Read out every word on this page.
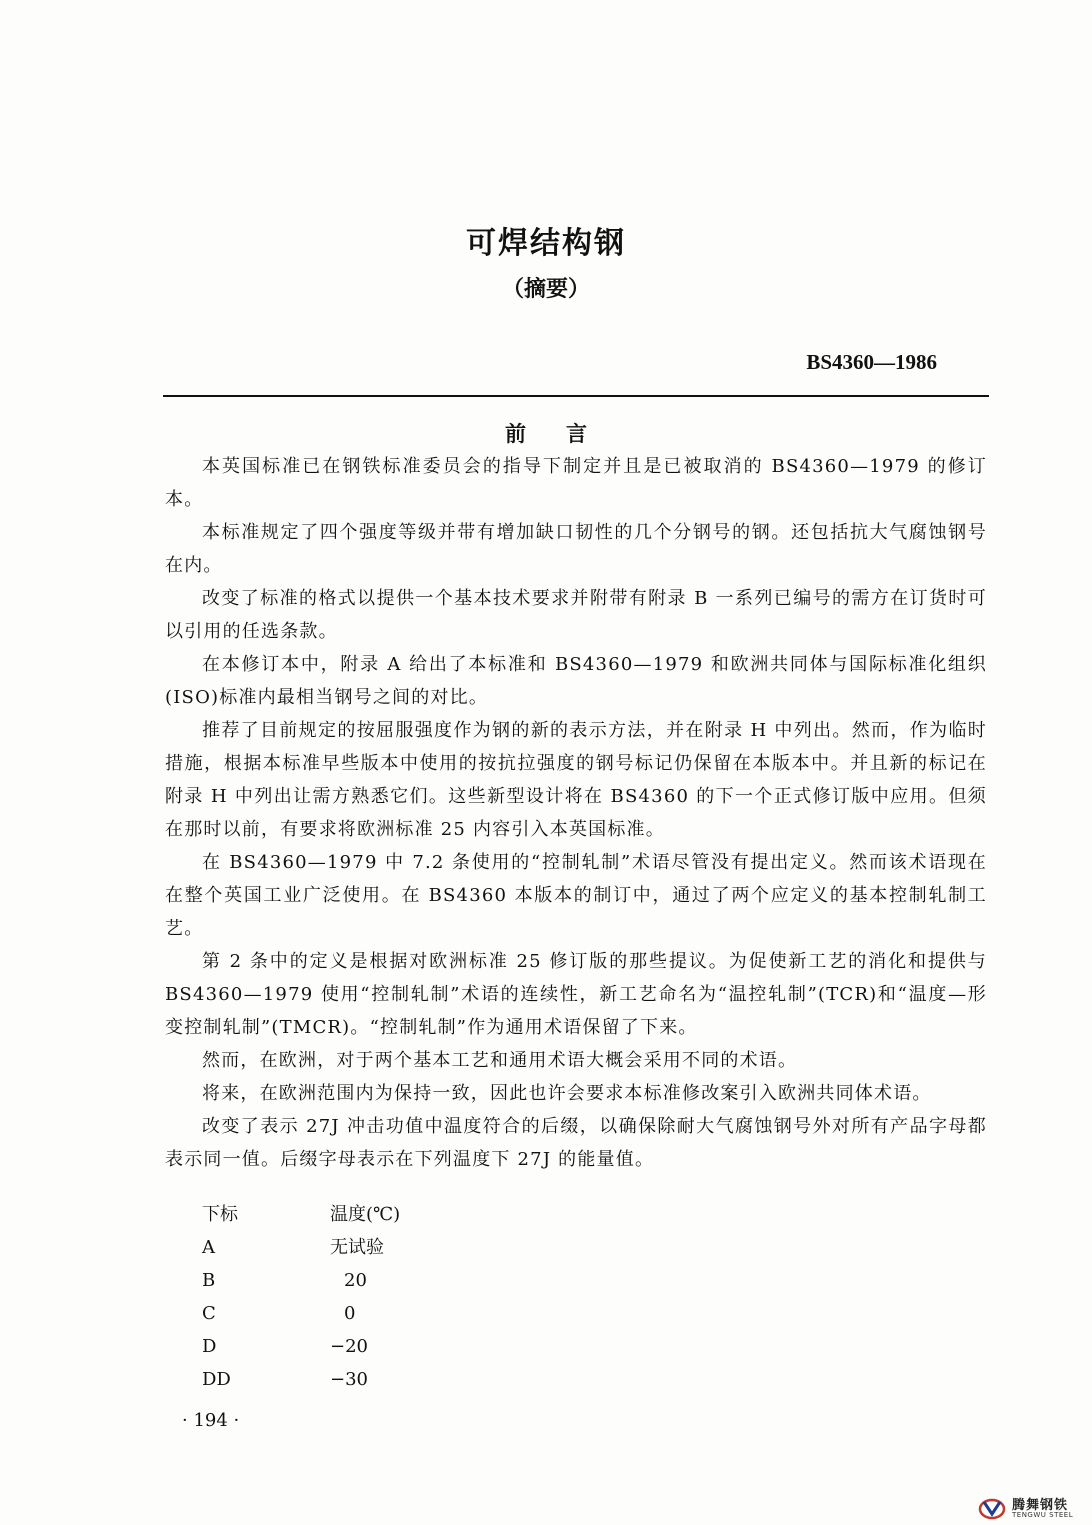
可焊结构钢
（摘要）
BS4360—1986
前言

本英国标准已在钢铁标准委员会的指导下制定并且是已被取消的 BS4360—1979 的修订本。

本标准规定了四个强度等级并带有增加缺口韧性的几个分钢号的钢。还包括抗大气腐蚀钢号在内。

改变了标准的格式以提供一个基本技术要求并附带有附录 B 一系列已编号的需方在订货时可以引用的任选条款。

在本修订本中，附录 A 给出了本标准和 BS4360—1979 和欧洲共同体与国际标准化组织(ISO)标准内最相当钢号之间的对比。

推荐了目前规定的按屈服强度作为钢的新的表示方法，并在附录 H 中列出。然而，作为临时措施，根据本标准早些版本中使用的按抗拉强度的钢号标记仍保留在本版本中。并且新的标记在附录 H 中列出让需方熟悉它们。这些新型设计将在 BS4360 的下一个正式修订版中应用。但须在那时以前，有要求将欧洲标准 25 内容引入本英国标准。

在 BS4360—1979 中 7.2 条使用的“控制轧制”术语尽管没有提出定义。然而该术语现在在整个英国工业广泛使用。在 BS4360 本版本的制订中，通过了两个应定义的基本控制轧制工艺。

第 2 条中的定义是根据对欧洲标准 25 修订版的那些提议。为促使新工艺的消化和提供与 BS4360—1979 使用“控制轧制”术语的连续性，新工艺命名为“温控轧制”(TCR)和“温度—形变控制轧制”(TMCR)。“控制轧制”作为通用术语保留了下来。

然而，在欧洲，对于两个基本工艺和通用术语大概会采用不同的术语。

将来，在欧洲范围内为保持一致，因此也许会要求本标准修改案引入欧洲共同体术语。

改变了表示 27J 冲击功值中温度符合的后缀，以确保除耐大气腐蚀钢号外对所有产品字母都表示同一值。后缀字母表示在下列温度下 27J 的能量值。

下标	温度(℃)
A	无试验
B	20
C	0
D	−20
DD	−30
· 194 ·
腾舞钢铁
TENGWU STEEL
